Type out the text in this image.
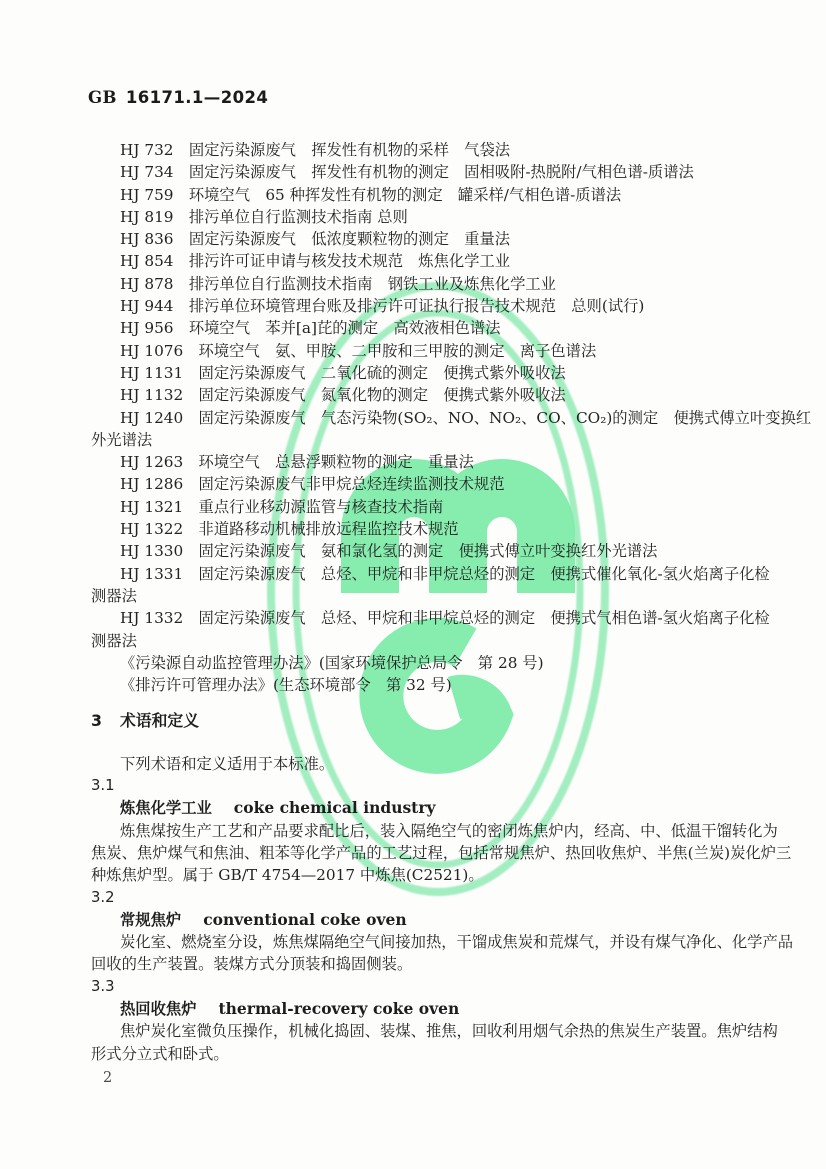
GB 16171.1—2024
HJ 732　固定污染源废气　挥发性有机物的采样　气袋法
HJ 734　固定污染源废气　挥发性有机物的测定　固相吸附-热脱附/气相色谱-质谱法
HJ 759　环境空气　65 种挥发性有机物的测定　罐采样/气相色谱-质谱法
HJ 819　排污单位自行监测技术指南 总则
HJ 836　固定污染源废气　低浓度颗粒物的测定　重量法
HJ 854　排污许可证申请与核发技术规范　炼焦化学工业
HJ 878　排污单位自行监测技术指南　钢铁工业及炼焦化学工业
HJ 944　排污单位环境管理台账及排污许可证执行报告技术规范　总则(试行)
HJ 956　环境空气　苯并[a]芘的测定　高效液相色谱法
HJ 1076　环境空气　氨、甲胺、二甲胺和三甲胺的测定　离子色谱法
HJ 1131　固定污染源废气　二氧化硫的测定　便携式紫外吸收法
HJ 1132　固定污染源废气　氮氧化物的测定　便携式紫外吸收法
HJ 1240　固定污染源废气　气态污染物(SO₂、NO、NO₂、CO、CO₂)的测定　便携式傅立叶变换红
外光谱法
HJ 1263　环境空气　总悬浮颗粒物的测定　重量法
HJ 1286　固定污染源废气非甲烷总烃连续监测技术规范
HJ 1321　重点行业移动源监管与核查技术指南
HJ 1322　非道路移动机械排放远程监控技术规范
HJ 1330　固定污染源废气　氨和氯化氢的测定　便携式傅立叶变换红外光谱法
HJ 1331　固定污染源废气　总烃、甲烷和非甲烷总烃的测定　便携式催化氧化-氢火焰离子化检
测器法
HJ 1332　固定污染源废气　总烃、甲烷和非甲烷总烃的测定　便携式气相色谱-氢火焰离子化检
测器法
《污染源自动监控管理办法》(国家环境保护总局令　第 28 号)
《排污许可管理办法》(生态环境部令　第 32 号)
3 术语和定义

下列术语和定义适用于本标准。

3.1
炼焦化学工业 coke chemical industry
炼焦煤按生产工艺和产品要求配比后，装入隔绝空气的密闭炼焦炉内，经高、中、低温干馏转化为
焦炭、焦炉煤气和焦油、粗苯等化学产品的工艺过程，包括常规焦炉、热回收焦炉、半焦(兰炭)炭化炉三
种炼焦炉型。属于 GB/T 4754—2017 中炼焦(C2521)。
3.2
常规焦炉 conventional coke oven
炭化室、燃烧室分设，炼焦煤隔绝空气间接加热，干馏成焦炭和荒煤气，并设有煤气净化、化学产品
回收的生产装置。装煤方式分顶装和捣固侧装。
3.3
热回收焦炉 thermal-recovery coke oven
焦炉炭化室微负压操作，机械化捣固、装煤、推焦，回收利用烟气余热的焦炭生产装置。焦炉结构
形式分立式和卧式。
2
